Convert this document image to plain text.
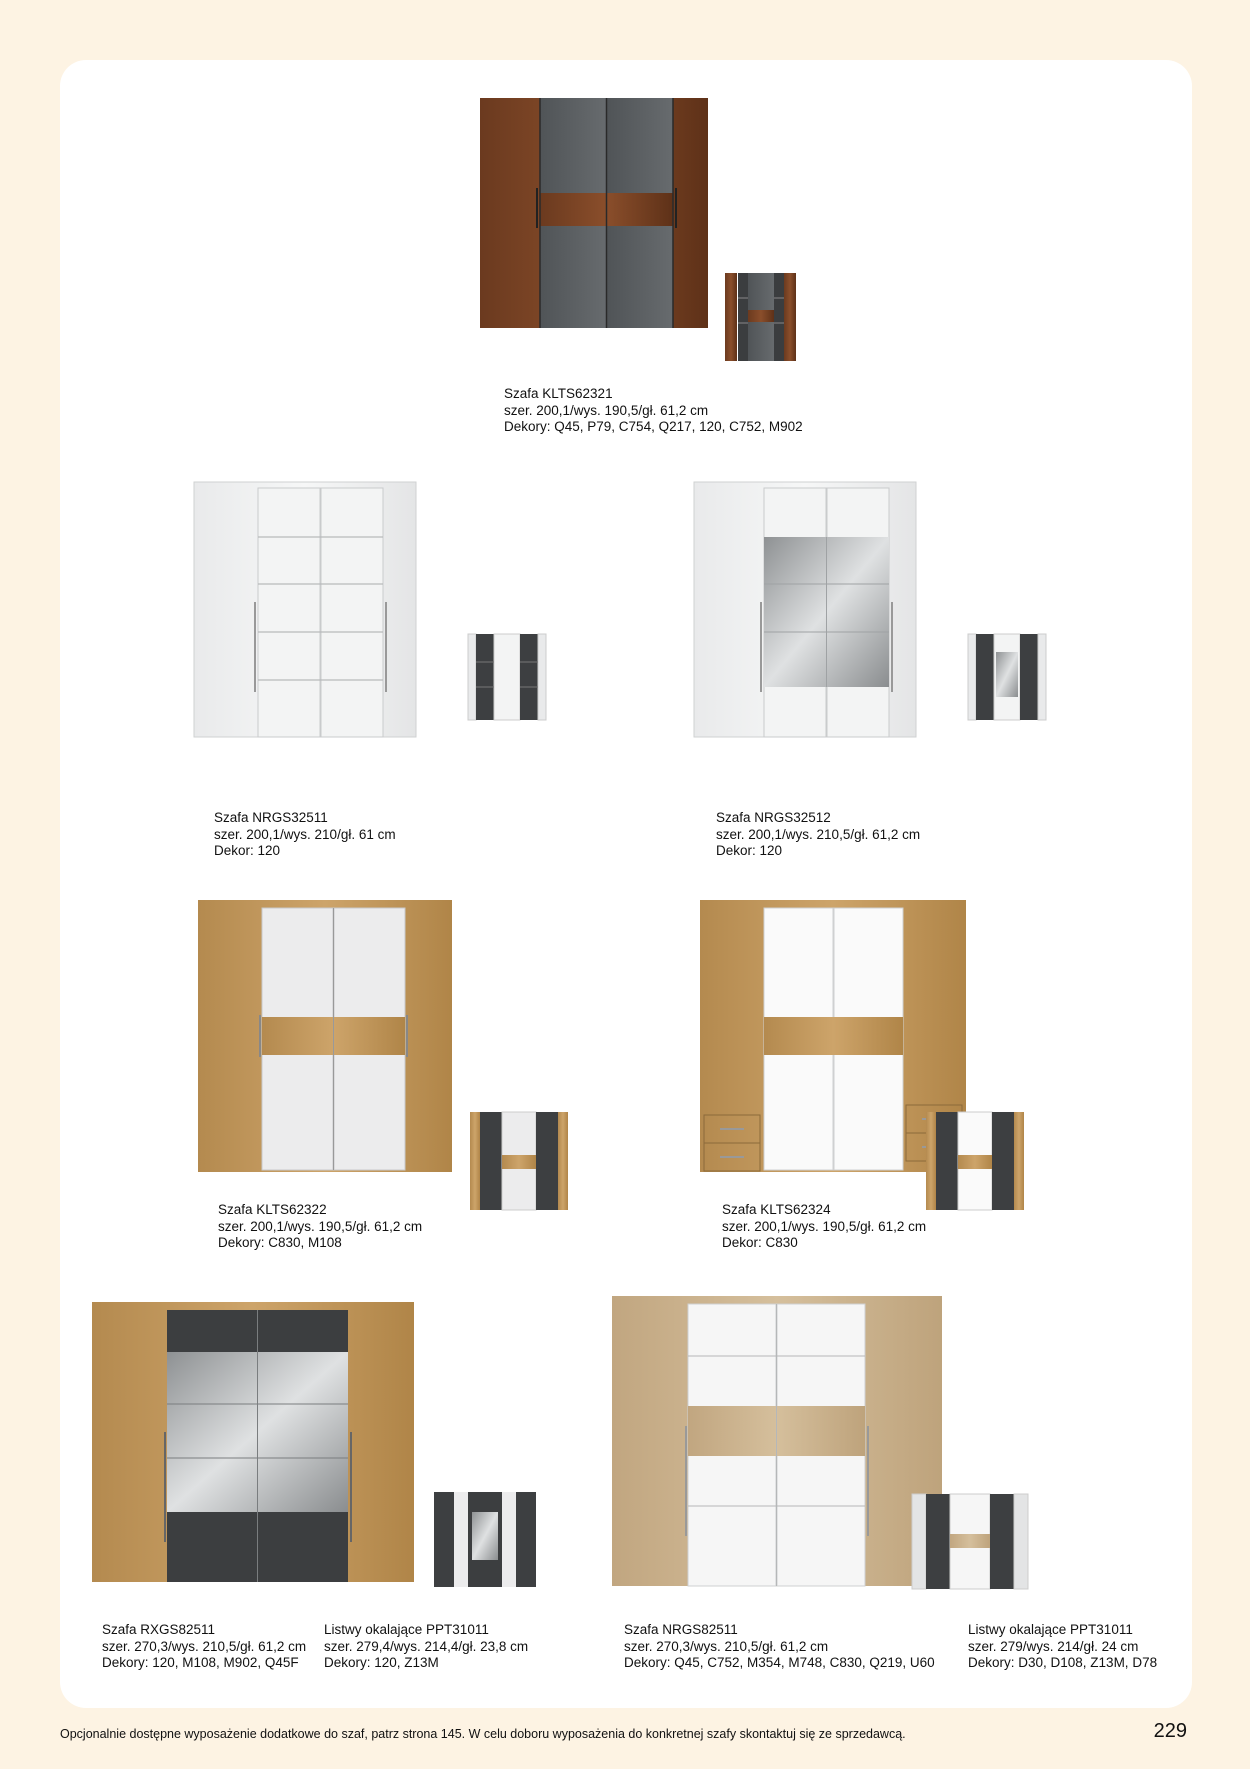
Szafa KLTS62321
szer. 200,1/wys. 190,5/gł. 61,2 cm
Dekory: Q45, P79, C754, Q217, 120, C752, M902
Szafa NRGS32511
szer. 200,1/wys. 210/gł. 61 cm
Dekor: 120
Szafa NRGS32512
szer. 200,1/wys. 210,5/gł. 61,2 cm
Dekor: 120
Szafa KLTS62322
szer. 200,1/wys. 190,5/gł. 61,2 cm
Dekory: C830, M108
Szafa KLTS62324
szer. 200,1/wys. 190,5/gł. 61,2 cm
Dekor: C830
Szafa RXGS82511
szer. 270,3/wys. 210,5/gł. 61,2 cm
Dekory: 120, M108, M902, Q45F
Listwy okalające PPT31011
szer. 279,4/wys. 214,4/gł. 23,8 cm
Dekory: 120, Z13M
Szafa NRGS82511
szer. 270,3/wys. 210,5/gł. 61,2 cm
Dekory: Q45, C752, M354, M748, C830, Q219, U60
Listwy okalające PPT31011
szer. 279/wys. 214/gł. 24 cm
Dekory: D30, D108, Z13M, D78
Opcjonalnie dostępne wyposażenie dodatkowe do szaf, patrz strona 145. W celu doboru wyposażenia do konkretnej szafy skontaktuj się ze sprzedawcą.	229
